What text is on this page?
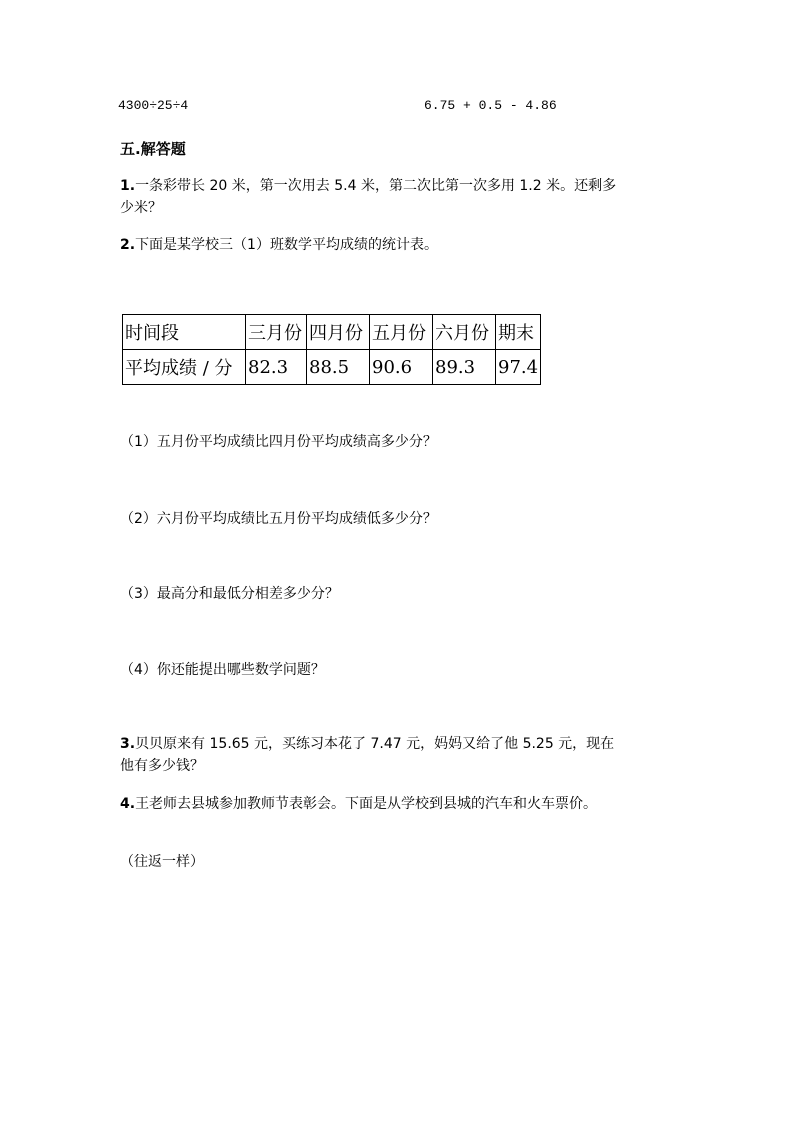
4300÷25÷4	6.75 + 0.5 - 4.86
五.解答题
1.一条彩带长 20 米，第一次用去 5.4 米，第二次比第一次多用 1.2 米。还剩多
少米？
2.下面是某学校三（1）班数学平均成绩的统计表。
时间段	三月份	四月份	五月份	六月份	期末
平均成绩 / 分	82.3	88.5	90.6	89.3	97.4
（1）五月份平均成绩比四月份平均成绩高多少分？
（2）六月份平均成绩比五月份平均成绩低多少分？
（3）最高分和最低分相差多少分？
（4）你还能提出哪些数学问题？
3.贝贝原来有 15.65 元，买练习本花了 7.47 元，妈妈又给了他 5.25 元，现在
他有多少钱？
4.王老师去县城参加教师节表彰会。下面是从学校到县城的汽车和火车票价。
（往返一样）
